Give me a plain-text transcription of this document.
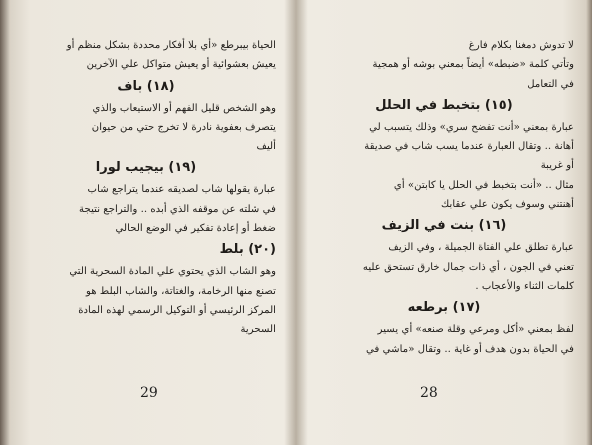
الحياة بيبرطع «أي بلا أفكار محددة بشكل منظم أو

يعيش بعشوائية أو يعيش متواكل علي الآخرين

(١٨) باف

وهو الشخص قليل الفهم أو الاستيعاب والذي

يتصرف بعفوية نادرة لا تخرج حتي من حيوان

أليف

(١٩) بيجيب لورا

عبارة يقولها شاب لصديقه عندما يتراجع شاب

في شلته عن موقفه الذي أبده .. والتراجع نتيجة

ضغط أو إعادة تفكير في الوضع الحالي

(٢٠) بلط

وهو الشاب الذي يحتوي علي المادة السحرية التي

تصنع منها الرخامة، والغتاتة، والشاب البلط هو

المركز الرئيسي أو التوكيل الرسمي لهذه المادة

السحرية

29

لا تدوش دمغنا بكلام فارغ

وتأتي كلمة «ضبطه» أيضاً بمعني بوشه أو همجية

في التعامل

(١٥) بتخبط في الحلل

عبارة بمعني «أنت تفضح سري» وذلك يتسبب لي

أهانة .. وتقال العبارة عندما يسب شاب في صديقة

أو غريبة

مثال .. «أنت بتخبط في الحلل يا كابتن» أي

أهنتني وسوف يكون علي عقابك

(١٦) بنت في الزيف

عبارة تطلق علي الفتاة الجميلة ، وفي الزيف

تعني في الجون ، أي ذات جمال خارق تستحق عليه

كلمات الثناء والأعجاب .

(١٧) برطعه

لفظ بمعني «أكل ومرعي وقلة صنعه» أي يسير

في الحياة بدون هدف أو غاية .. وتقال «ماشي في

28
